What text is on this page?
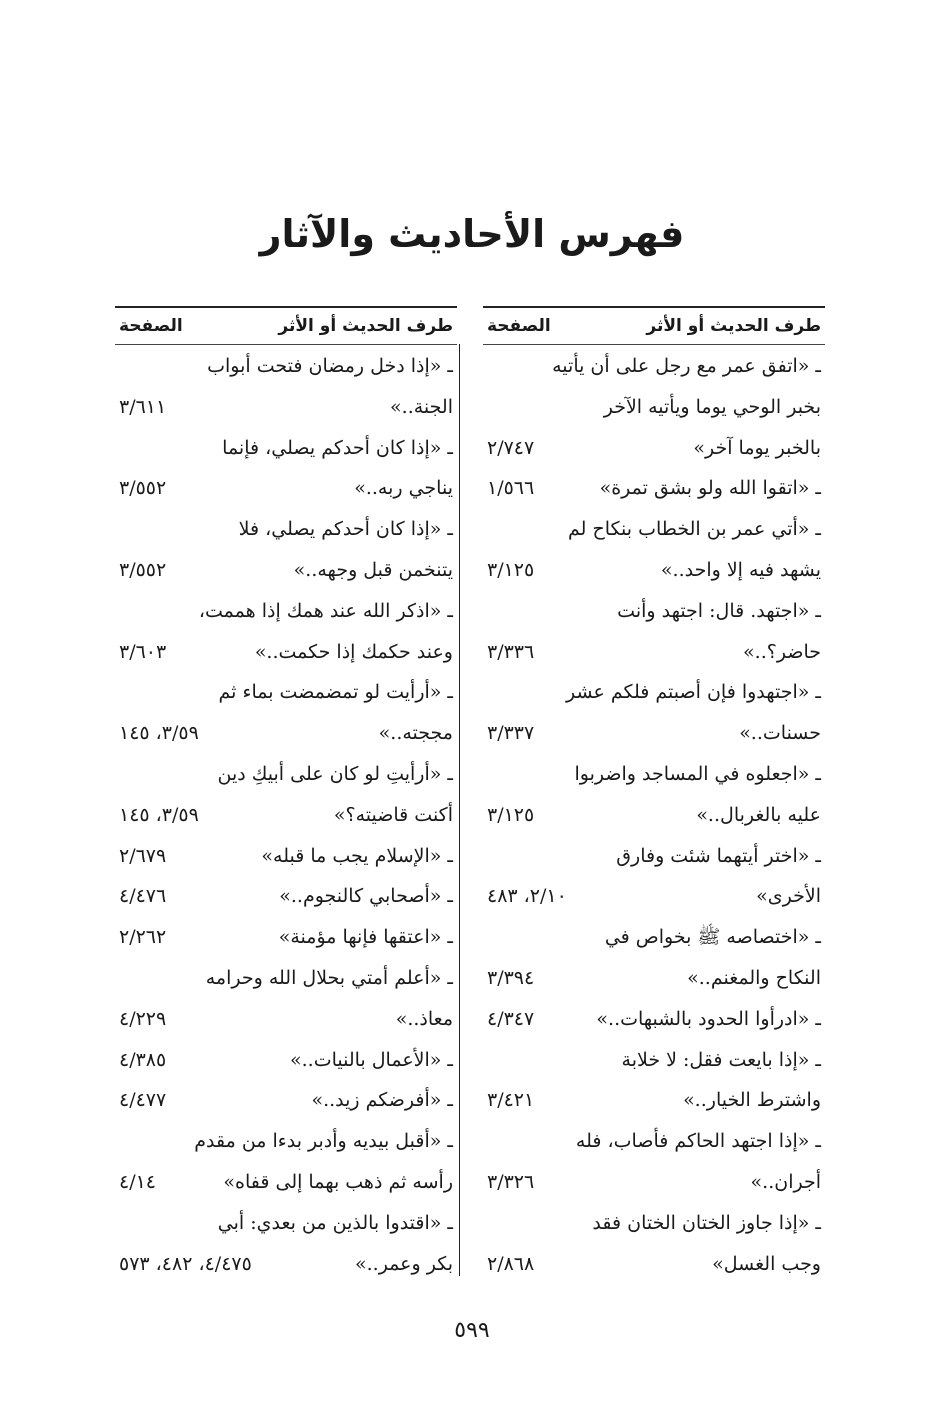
فهرس الأحاديث والآثار
طرف الحديث أو الأثر
الصفحة
ـ «اتفق عمر مع رجل على أن يأتيه
بخبر الوحي يوما ويأتيه الآخر
بالخبر يوما آخر»
٢/٧٤٧
ـ «اتقوا الله ولو بشق تمرة»
١/٥٦٦
ـ «أتي عمر بن الخطاب بنكاح لم
يشهد فيه إلا واحد..»
٣/١٢٥
ـ «اجتهد. قال: اجتهد وأنت
حاضر؟..»
٣/٣٣٦
ـ «اجتهدوا فإن أصبتم فلكم عشر
حسنات..»
٣/٣٣٧
ـ «اجعلوه في المساجد واضربوا
عليه بالغربال..»
٣/١٢٥
ـ «اختر أيتهما شئت وفارق
الأخرى»
٢/١٠، ٤٨٣
ـ «اختصاصه ﷺ بخواص في
النكاح والمغنم..»
٣/٣٩٤
ـ «ادرأوا الحدود بالشبهات..»
٤/٣٤٧
ـ «إذا بايعت فقل: لا خلابة
واشترط الخيار..»
٣/٤٢١
ـ «إذا اجتهد الحاكم فأصاب، فله
أجران..»
٣/٣٢٦
ـ «إذا جاوز الختان الختان فقد
وجب الغسل»
٢/٨٦٨
طرف الحديث أو الأثر
الصفحة
ـ «إذا دخل رمضان فتحت أبواب
الجنة..»
٣/٦١١
ـ «إذا كان أحدكم يصلي، فإنما
يناجي ربه..»
٣/٥٥٢
ـ «إذا كان أحدكم يصلي، فلا
يتنخمن قبل وجهه..»
٣/٥٥٢
ـ «اذكر الله عند همك إذا هممت،
وعند حكمك إذا حكمت..»
٣/٦٠٣
ـ «أرأيت لو تمضمضت بماء ثم
مججته..»
٣/٥٩، ١٤٥
ـ «أرأيتِ لو كان على أبيكِ دين
أكنت قاضيته؟»
٣/٥٩، ١٤٥
ـ «الإسلام يجب ما قبله»
٢/٦٧٩
ـ «أصحابي كالنجوم..»
٤/٤٧٦
ـ «اعتقها فإنها مؤمنة»
٢/٢٦٢
ـ «أعلم أمتي بحلال الله وحرامه
معاذ..»
٤/٢٢٩
ـ «الأعمال بالنيات..»
٤/٣٨٥
ـ «أفرضكم زيد..»
٤/٤٧٧
ـ «أقبل بيديه وأدبر بدءا من مقدم
رأسه ثم ذهب بهما إلى قفاه»
٤/١٤
ـ «اقتدوا بالذين من بعدي: أبي
بكر وعمر..»
٤/٤٧٥، ٤٨٢، ٥٧٣
٥٩٩
